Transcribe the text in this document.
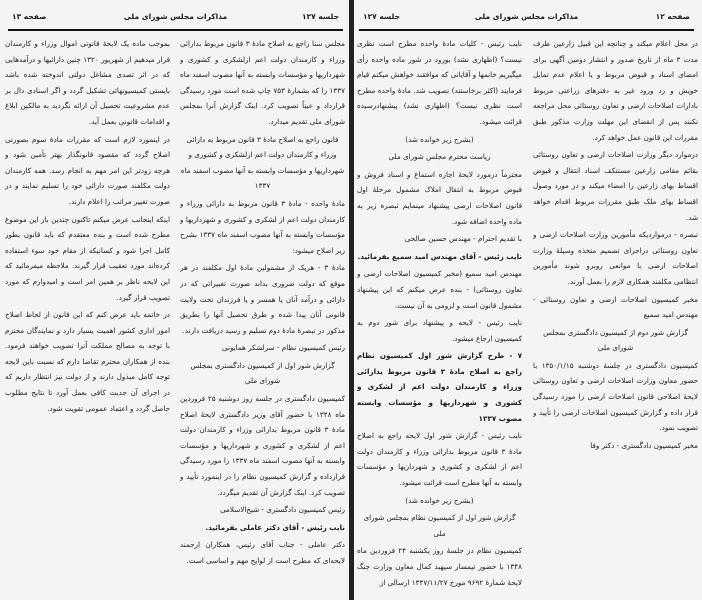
جلسه ۱۲۷
مذاکرات مجلس شورای ملی
صفحه ۱۳

مجلس سنا راجع به اصلاح مادهٔ ۳ قانون مربوط بدارائی وزراء و کارمندان دولت اعم ازلشکری و کشوری و شهرداریها و مؤسسات وابسته به آنها مصوب اسفند ماه ۱۳۳۷ را که بشمارهٔ ۷۵۳ چاپ شده است مورد رسیدگی قرارداد و عیناً تصویب کرد. اینک گزارش آنرا بمجلس شورای ملی تقدیم میدارد.

قانون راجع به اصلاح مادهٔ ۳ قانون مربوط به دارائی وزراء و کارمندان دولت اعم ازلشکری و کشوری و شهرداریها و مؤسسات وابسته به آنها مصوب اسفند ماه ۱۳۳۷

مادهٔ واحده - مادهٔ ۳ قانون مربوط به دارائی وزراء و کارمندان دولت اعم از لشکری و کشوری و شهرداریها و مؤسسات وابسته به آنها مصوب اسفند ماه ۱۳۳۷ بشرح زیر اصلاح میشود:

مادهٔ ۳ - هریک از مشمولین مادهٔ اول مکلفند در هر موقع که دولت ضروری بداند صورت تغییراتی که در دارائی و درآمد آنان یا همسر و یا فرزندان تحت ولایت قانونی آنان پیدا شده و طرق تحصیل آنها را بطریق مذکور در تبصرهٔ مادهٔ دوم تسلیم و رسید دریافت دارند.

رئیس کمیسیون نظام - سرلشکر همایونی

گزارش شور اول از کمیسیون دادگستری بمجلس شورای ملی

کمیسیون دادگستری در جلسه روز دوشنبه ۲۵ فروردین ماه ۱۳۴۸ با حضور آقای وزیر دادگستری لایحهٔ اصلاح مادهٔ ۳ قانون مربوط بدارائی وزراء و کارمندان دولت اعم از لشکری و کشوری و شهرداریها و مؤسسات وابسته به آنها مصوب اسفند ماه ۱۳۳۷ را مورد رسیدگی قرارداده و گزارش کمیسیون نظام را در اینمورد تأیید و تصویب کرد. اینک گزارش آن تقدیم میگردد.

رئیس کمیسیون دادگستری - شیخ‌الاسلامی

نایب رئیس - آقای دکتر عاملی بفرمائید.

دکتر عاملی - جناب آقای رئیس، همکاران ارجمند لایحه‌ای که مطرح است از لوایح مهم و اساسی است.

بموجب ماده یک لایحهٔ قانونی اموال وزراء و کارمندان قرار میدهیم از شهریور ۱۳۲۰ چنین دارائیها و درآمدهایی که در اثر تصدی مشاغل دولتی اندوخته شده باشد بایستی کمیسیونهائی تشکیل گردد و اگر اسنادی دال بر عدم مشروعیت تحصیل آن ارائه نگردید به مالکین ابلاغ و اقدامات قانونی بعمل آید.

در اینمورد لازم است که مقررات مادهٔ سوم بصورتی اصلاح گردد که مقصود قانونگذار بهتر تأمین شود و هرچه زودتر این امر مهم به انجام رسد. همه کارمندان دولت مکلفند صورت دارائی خود را تسلیم نمایند و در صورت تغییر مراتب را اعلام دارند.

اینکه اینجانب عرض میکنم تاکنون چندین بار این موضوع مطرح شده است و بنده معتقدم که باید قانون بطور کامل اجرا شود و کسانیکه از مقام خود سوء استفاده کرده‌اند مورد تعقیب قرار گیرند. ملاحظه میفرمائید که این لایحه ناظر بر همین امر است و امیدوارم که مورد تصویب قرار گیرد.

در خاتمه باید عرض کنم که این قانون از لحاظ اصلاح امور اداری کشور اهمیت بسیار دارد و نمایندگان محترم با توجه به مصالح مملکت آنرا تصویب خواهند فرمود. بنده از همکاران محترم تقاضا دارم که نسبت باین لایحه توجه کامل مبذول دارند و از دولت نیز انتظار داریم که در اجرای آن جدیت کافی بعمل آورد تا نتایج مطلوب حاصل گردد و اعتماد عمومی تقویت شود.

صفحه ۱۲
مذاکرات مجلس شورای ملی
جلسه ۱۲۷

در محل اعلام میکند و چنانچه این قبیل زارعین ظرف مدت ۳ ماه از تاریخ صدور و انتشار دومین آگهی برای امضای اسناد و قبوض مربوط و یا اعلام عدم تمایل خویش و رد ورود غیر به دفترهای زراعتی مربوط بادارات اصلاحات ارضی و تعاون روستائی محل مراجعه نکنند پس از انقضای این مهلت وزارت مذکور طبق مقررات این قانون عمل خواهد کرد.

درموارد دیگر وزارت اصلاحات ارضی و تعاون روستائی بقائم مقامی زارعین مستنکف اسناد انتقال و قبوض اقساط بهای زارعین را امضاء میکند و در مورد وصول اقساط بهای ملک طبق مقررات مربوط اقدام خواهد شد.

تبصره - درمواردیکه مأمورین وزارت اصلاحات ارضی و تعاون روستائی دراجرای تصمیم متخذه وسیلهٔ وزارت اصلاحات ارضی با موانعی روبرو شوند مأمورین انتظامی مکلفند همکاری لازم را بعمل آورند.

مخبر کمیسیون اصلاحات ارضی و تعاون روستائی - مهندس امید سمیع

گزارش شور دوم از کمیسیون دادگستری بمجلس شورای ملی

کمیسیون دادگستری در جلسهٔ دوشنبه ۱۳۵۰/۱/۱۵ با حضور معاون وزارت اصلاحات ارضی و تعاون روستائی لایحهٔ اصلاحی قانون اصلاحات ارضی را مورد رسیدگی قرار داده و گزارش کمیسیون اصلاحات ارضی را تأیید و تصویب نمود.

مخبر کمیسیون دادگستری - دکتر وفا

نایب رئیس - کلیات مادهٔ واحده مطرح است نظری نیست؟ (اظهاری نشد) بورود در شور ماده واحده رأی میگیریم خانمها و آقایانی که موافقند خواهش میکنم قیام فرمایند (اکثر برخاستند) تصویب شد. مادهٔ واحده مطرح است نظری نیست؟ (اظهاری نشد) پیشنهادرسیده قرائت میشود.

(بشرح زیر خوانده شد)

ریاست محترم مجلس شورای ملی

محترماً درمورد لایحهٔ اجازه استماع و اسناد فروش و قبوض مربوط به انتقال املاک مشمول مرحلهٔ اول قانون اصلاحات ارضی پیشنهاد مینمایم تبصره زیر به ماده واحده اضافه شود.

با تقدیم احترام - مهندس حسین صالحی

نایب رئیس - آقای مهندس امید سمیع بفرمائید.

مهندس امید سمیع (مخبر کمیسیون اصلاحات ارضی و تعاون روستائی) - بنده عرض میکنم که این پیشنهاد مشمول قانون است و لزومی به آن نیست.

نایب رئیس - لایحه و پیشنهاد برای شور دوم به کمیسیون ارجاع میشود.

۷ - طرح گزارش شور اول کمیسیون نظام راجع به اصلاح مادهٔ ۳ قانون مربوط بدارائی وزراء و کارمندان دولت اعم از لشکری و کشوری و شهرداریها و مؤسسات وابسته مصوب ۱۳۳۷

نایب رئیس - گزارش شور اول لایحه راجع به اصلاح مادهٔ ۳ قانون مربوط بدارائی وزراء و کارمندان دولت اعم از لشکری و کشوری و شهرداریها و مؤسسات وابسته به آنها مطرح است قرائت میشود.

(بشرح زیر خوانده شد)

گزارش شور اول از کمیسیون نظام بمجلس شورای ملی

کمیسیون نظام در جلسهٔ روز یکشنبه ۲۴ فروردین ماه ۱۳۴۸ با حضور تیمسار سپهبد کمال معاون وزارت جنگ لایحهٔ شمارهٔ ۹۶۹۲ مورخ ۱۳۴۷/۱۱/۲۷ ارسالی از
